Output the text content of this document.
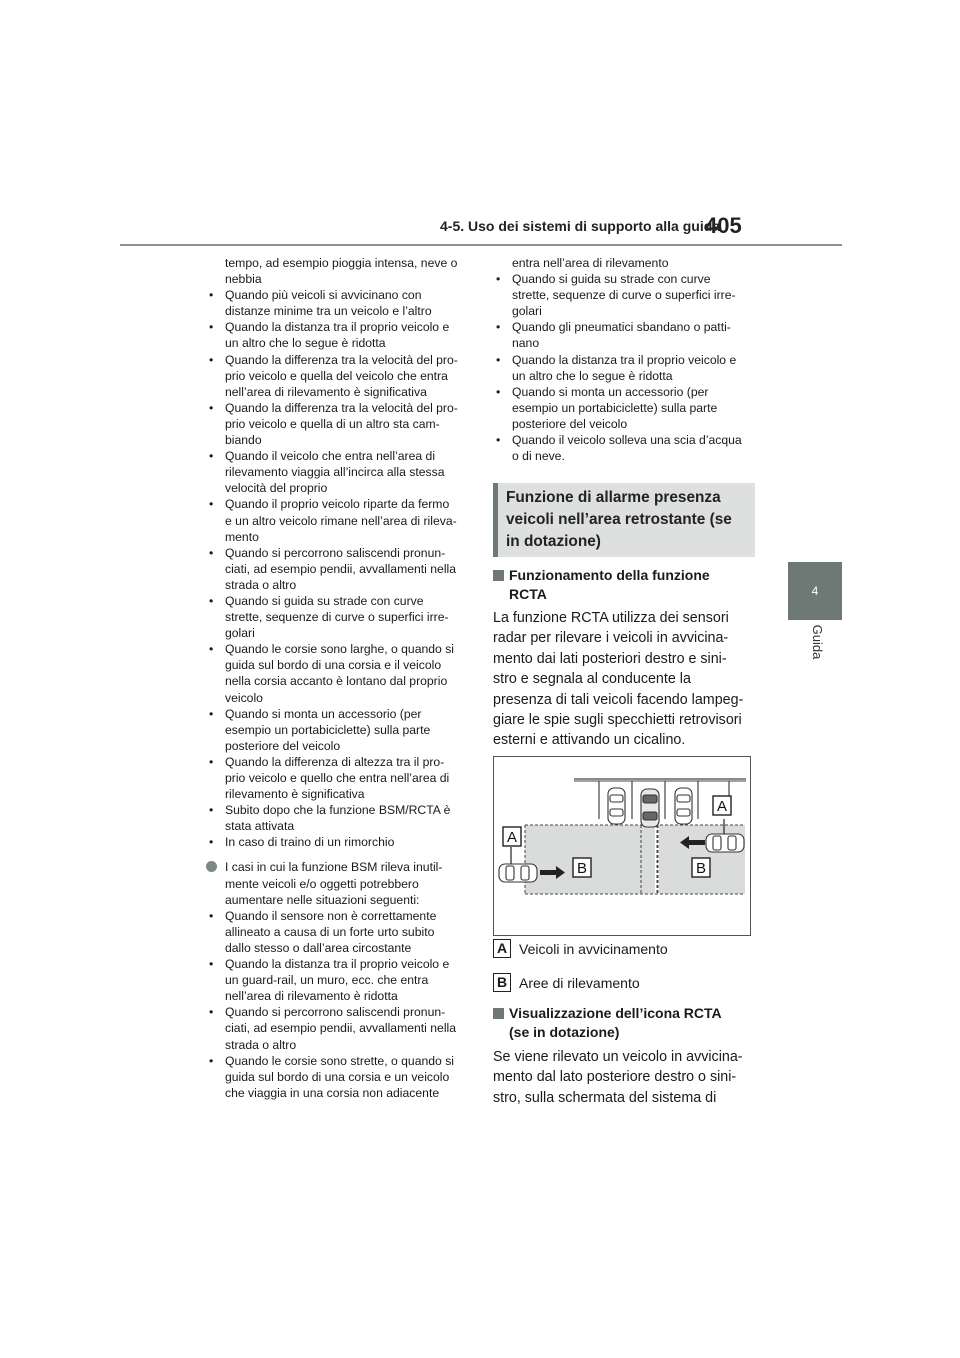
4-5. Uso dei sistemi di supporto alla guida
405
4
Guida
tempo, ad esempio pioggia intensa, neve o
nebbia
• Quando più veicoli si avvicinano con
distanze minime tra un veicolo e l’altro
• Quando la distanza tra il proprio veicolo e
un altro che lo segue è ridotta
• Quando la differenza tra la velocità del pro-
prio veicolo e quella del veicolo che entra
nell’area di rilevamento è significativa
• Quando la differenza tra la velocità del pro-
prio veicolo e quella di un altro sta cam-
biando
• Quando il veicolo che entra nell’area di
rilevamento viaggia all’incirca alla stessa
velocità del proprio
• Quando il proprio veicolo riparte da fermo
e un altro veicolo rimane nell’area di rileva-
mento
• Quando si percorrono saliscendi pronun-
ciati, ad esempio pendii, avvallamenti nella
strada o altro
• Quando si guida su strade con curve
strette, sequenze di curve o superfici irre-
golari
• Quando le corsie sono larghe, o quando si
guida sul bordo di una corsia e il veicolo
nella corsia accanto è lontano dal proprio
veicolo
• Quando si monta un accessorio (per
esempio un portabiciclette) sulla parte
posteriore del veicolo
• Quando la differenza di altezza tra il pro-
prio veicolo e quello che entra nell’area di
rilevamento è significativa
• Subito dopo che la funzione BSM/RCTA è
stata attivata
• In caso di traino di un rimorchio
I casi in cui la funzione BSM rileva inutil-
mente veicoli e/o oggetti potrebbero
aumentare nelle situazioni seguenti:
• Quando il sensore non è correttamente
allineato a causa di un forte urto subito
dallo stesso o dall’area circostante
• Quando la distanza tra il proprio veicolo e
un guard-rail, un muro, ecc. che entra
nell’area di rilevamento è ridotta
• Quando si percorrono saliscendi pronun-
ciati, ad esempio pendii, avvallamenti nella
strada o altro
• Quando le corsie sono strette, o quando si
guida sul bordo di una corsia e un veicolo
che viaggia in una corsia non adiacente
entra nell’area di rilevamento
• Quando si guida su strade con curve
strette, sequenze di curve o superfici irre-
golari
• Quando gli pneumatici sbandano o patti-
nano
• Quando la distanza tra il proprio veicolo e
un altro che lo segue è ridotta
• Quando si monta un accessorio (per
esempio un portabiciclette) sulla parte
posteriore del veicolo
• Quando il veicolo solleva una scia d’acqua
o di neve.
Funzione di allarme presenza
veicoli nell’area retrostante (se
in dotazione)
Funzionamento della funzione
RCTA
La funzione RCTA utilizza dei sensori
radar per rilevare i veicoli in avvicina-
mento dai lati posteriori destro e sini-
stro e segnala al conducente la
presenza di tali veicoli facendo lampeg-
giare le spie sugli specchietti retrovisori
esterni e attivando un cicalino.
A
A
B	B
A Veicoli in avvicinamento
B Aree di rilevamento
Visualizzazione dell’icona RCTA
(se in dotazione)
Se viene rilevato un veicolo in avvicina-
mento dal lato posteriore destro o sini-
stro, sulla schermata del sistema di
